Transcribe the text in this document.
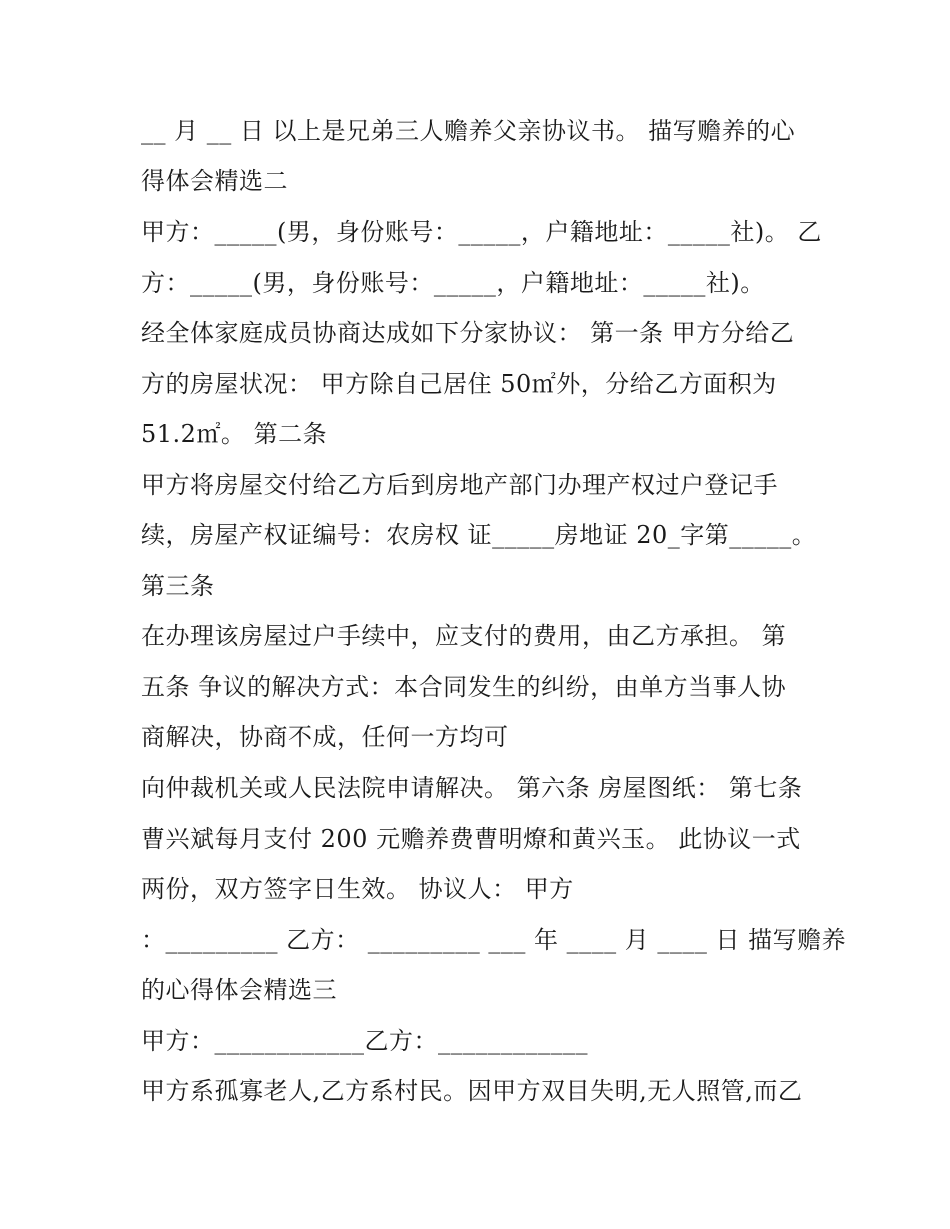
__ 月 __ 日 以上是兄弟三人赡养父亲协议书。 描写赡养的心
得体会精选二
甲方：_____(男，身份账号：_____，户籍地址：_____社)。 乙
方：_____(男，身份账号：_____，户籍地址：_____社)。
经全体家庭成员协商达成如下分家协议： 第一条 甲方分给乙
方的房屋状况： 甲方除自己居住 50㎡外，分给乙方面积为
51.2㎡。 第二条
甲方将房屋交付给乙方后到房地产部门办理产权过户登记手
续，房屋产权证编号：农房权 证_____房地证 20_字第_____。
第三条
在办理该房屋过户手续中，应支付的费用，由乙方承担。 第
五条 争议的解决方式：本合同发生的纠纷，由单方当事人协
商解决，协商不成，任何一方均可
向仲裁机关或人民法院申请解决。 第六条 房屋图纸： 第七条
曹兴斌每月支付 200 元赡养费曹明燎和黄兴玉。 此协议一式
两份，双方签字日生效。 协议人： 甲方
：_________ 乙方： _________ ___ 年 ____ 月 ____ 日 描写赡养
的心得体会精选三
甲方：____________乙方：____________
甲方系孤寡老人,乙方系村民。因甲方双目失明,无人照管,而乙
